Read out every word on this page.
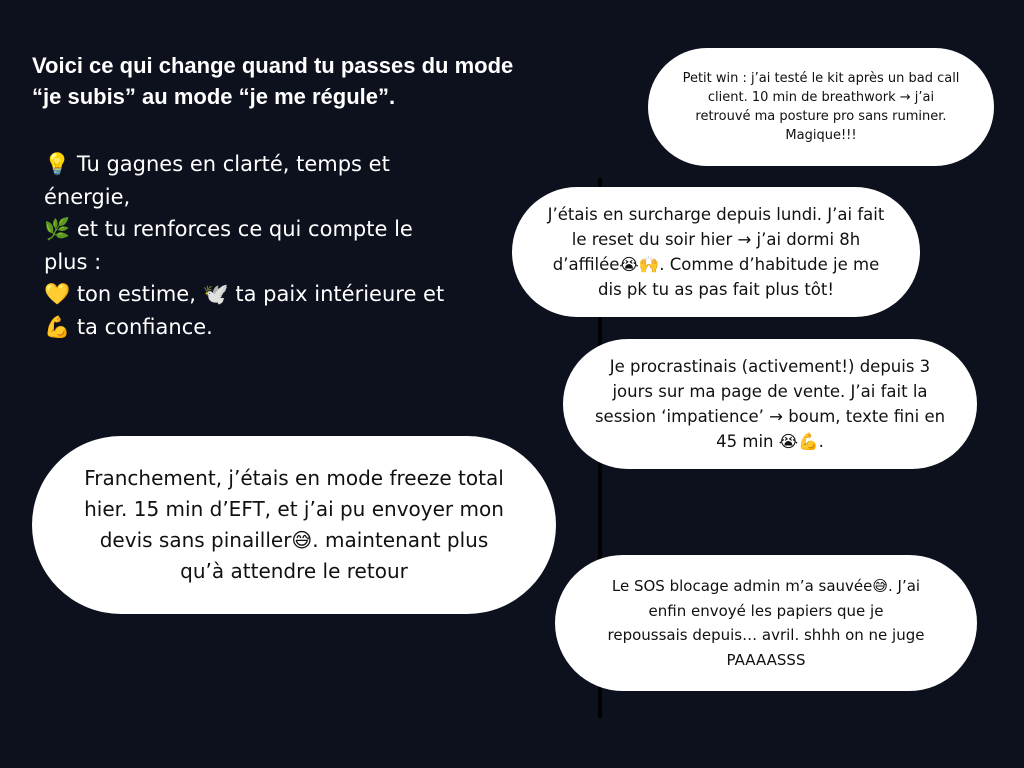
Voici ce qui change quand tu passes du mode
“je subis” au mode “je me régule”.
💡 Tu gagnes en clarté, temps et
énergie,
🌿 et tu renforces ce qui compte le
plus :
💛 ton estime, 🕊️ ta paix intérieure et
💪 ta confiance.
Petit win : j’ai testé le kit après un bad call
client. 10 min de breathwork → j’ai
retrouvé ma posture pro sans ruminer.
Magique!!!
J’étais en surcharge depuis lundi. J’ai fait
le reset du soir hier → j’ai dormi 8h
d’affilée😭🙌. Comme d’habitude je me
dis pk tu as pas fait plus tôt!
Je procrastinais (activement!) depuis 3
jours sur ma page de vente. J’ai fait la
session ‘impatience’ → boum, texte fini en
45 min 😭💪.
Franchement, j’étais en mode freeze total
hier. 15 min d’EFT, et j’ai pu envoyer mon
devis sans pinailler😅. maintenant plus
qu’à attendre le retour
Le SOS blocage admin m’a sauvée😅. J’ai
enfin envoyé les papiers que je
repoussais depuis… avril. shhh on ne juge
PAAAASSS
